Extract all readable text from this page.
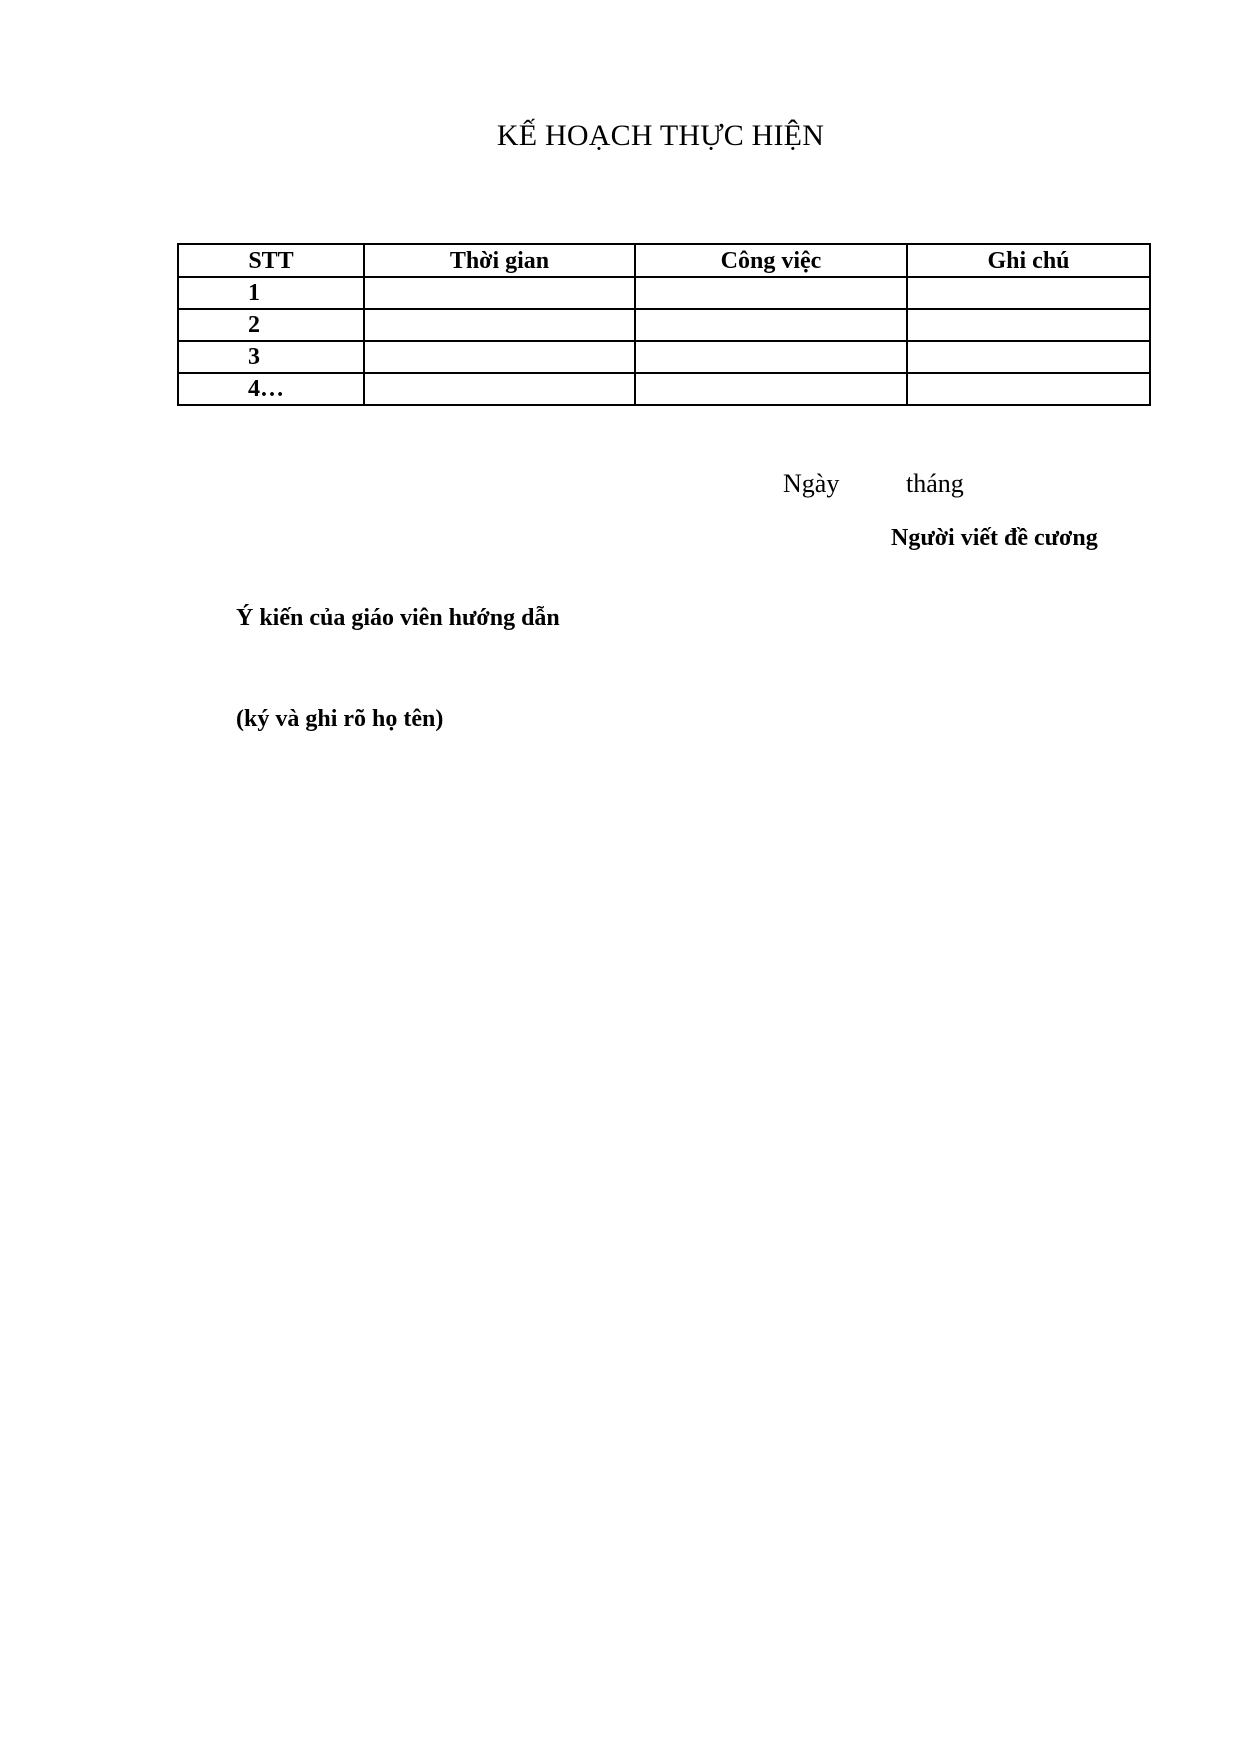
KẾ HOẠCH THỰC HIỆN
STT	Thời gian	Công việc	Ghi chú
1			
2			
3			
4…			
Ngày	tháng
Người viết đề cương
Ý kiến của giáo viên hướng dẫn
(ký và ghi rõ họ tên)
